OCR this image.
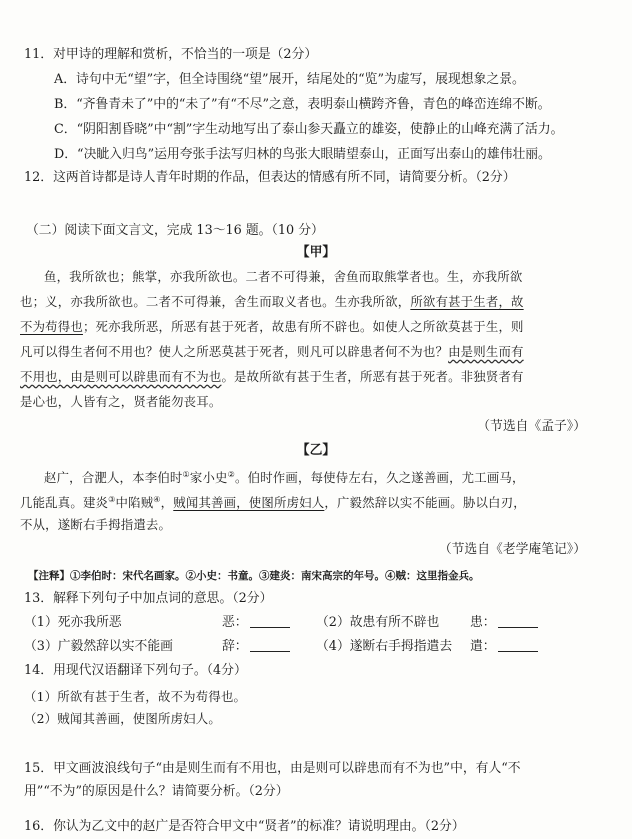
11．对甲诗的理解和赏析，不恰当的一项是（2分）
A．诗句中无“望”字，但全诗围绕“望”展开，结尾处的“览”为虚写，展现想象之景。
B．“齐鲁青未了”中的“未了”有“不尽”之意，表明泰山横跨齐鲁，青色的峰峦连绵不断。
C．“阴阳割昏晓”中“割”字生动地写出了泰山参天矗立的雄姿，使静止的山峰充满了活力。
D．“决眦入归鸟”运用夸张手法写归林的鸟张大眼睛望泰山，正面写出泰山的雄伟壮丽。
12．这两首诗都是诗人青年时期的作品，但表达的情感有所不同，请简要分析。（2分）
（二）阅读下面文言文，完成 13～16 题。（10 分）
【甲】
鱼，我所欲也；熊掌，亦我所欲也。二者不可得兼，舍鱼而取熊掌者也。生，亦我所欲
也；义，亦我所欲也。二者不可得兼，舍生而取义者也。生亦我所欲，所欲有甚于生者，故
不为苟得也；死亦我所恶，所恶有甚于死者，故患有所不辟也。如使人之所欲莫甚于生，则
凡可以得生者何不用也？使人之所恶莫甚于死者，则凡可以辟患者何不为也？由是则生而有
不用也，由是则可以辟患而有不为也。是故所欲有甚于生者，所恶有甚于死者。非独贤者有
是心也，人皆有之，贤者能勿丧耳。
（节选自《孟子》）
【乙】
赵广，合淝人，本李伯时①家小史②。伯时作画，每使侍左右，久之遂善画，尤工画马，
几能乱真。建炎③中陷贼④，贼闻其善画，使图所虏妇人，广毅然辞以实不能画。胁以白刃，
不从，遂断右手拇指遣去。
（节选自《老学庵笔记》）
【注释】①李伯时：宋代名画家。②小史：书童。③建炎：南宋高宗的年号。④贼：这里指金兵。
13．解释下列句子中加点词的意思。（2分）
（1）死亦我所恶	恶：	（2）故患有所不辟也 患：
（3）广毅然辞以实不能画	辞：	（4）遂断右手拇指遣去 遣：
14．用现代汉语翻译下列句子。（4分）
（1）所欲有甚于生者，故不为苟得也。
（2）贼闻其善画，使图所虏妇人。
15．甲文画波浪线句子“由是则生而有不用也，由是则可以辟患而有不为也”中，有人“不
用”“不为”的原因是什么？请简要分析。（2分）
16．你认为乙文中的赵广是否符合甲文中“贤者”的标准？请说明理由。（2分）
